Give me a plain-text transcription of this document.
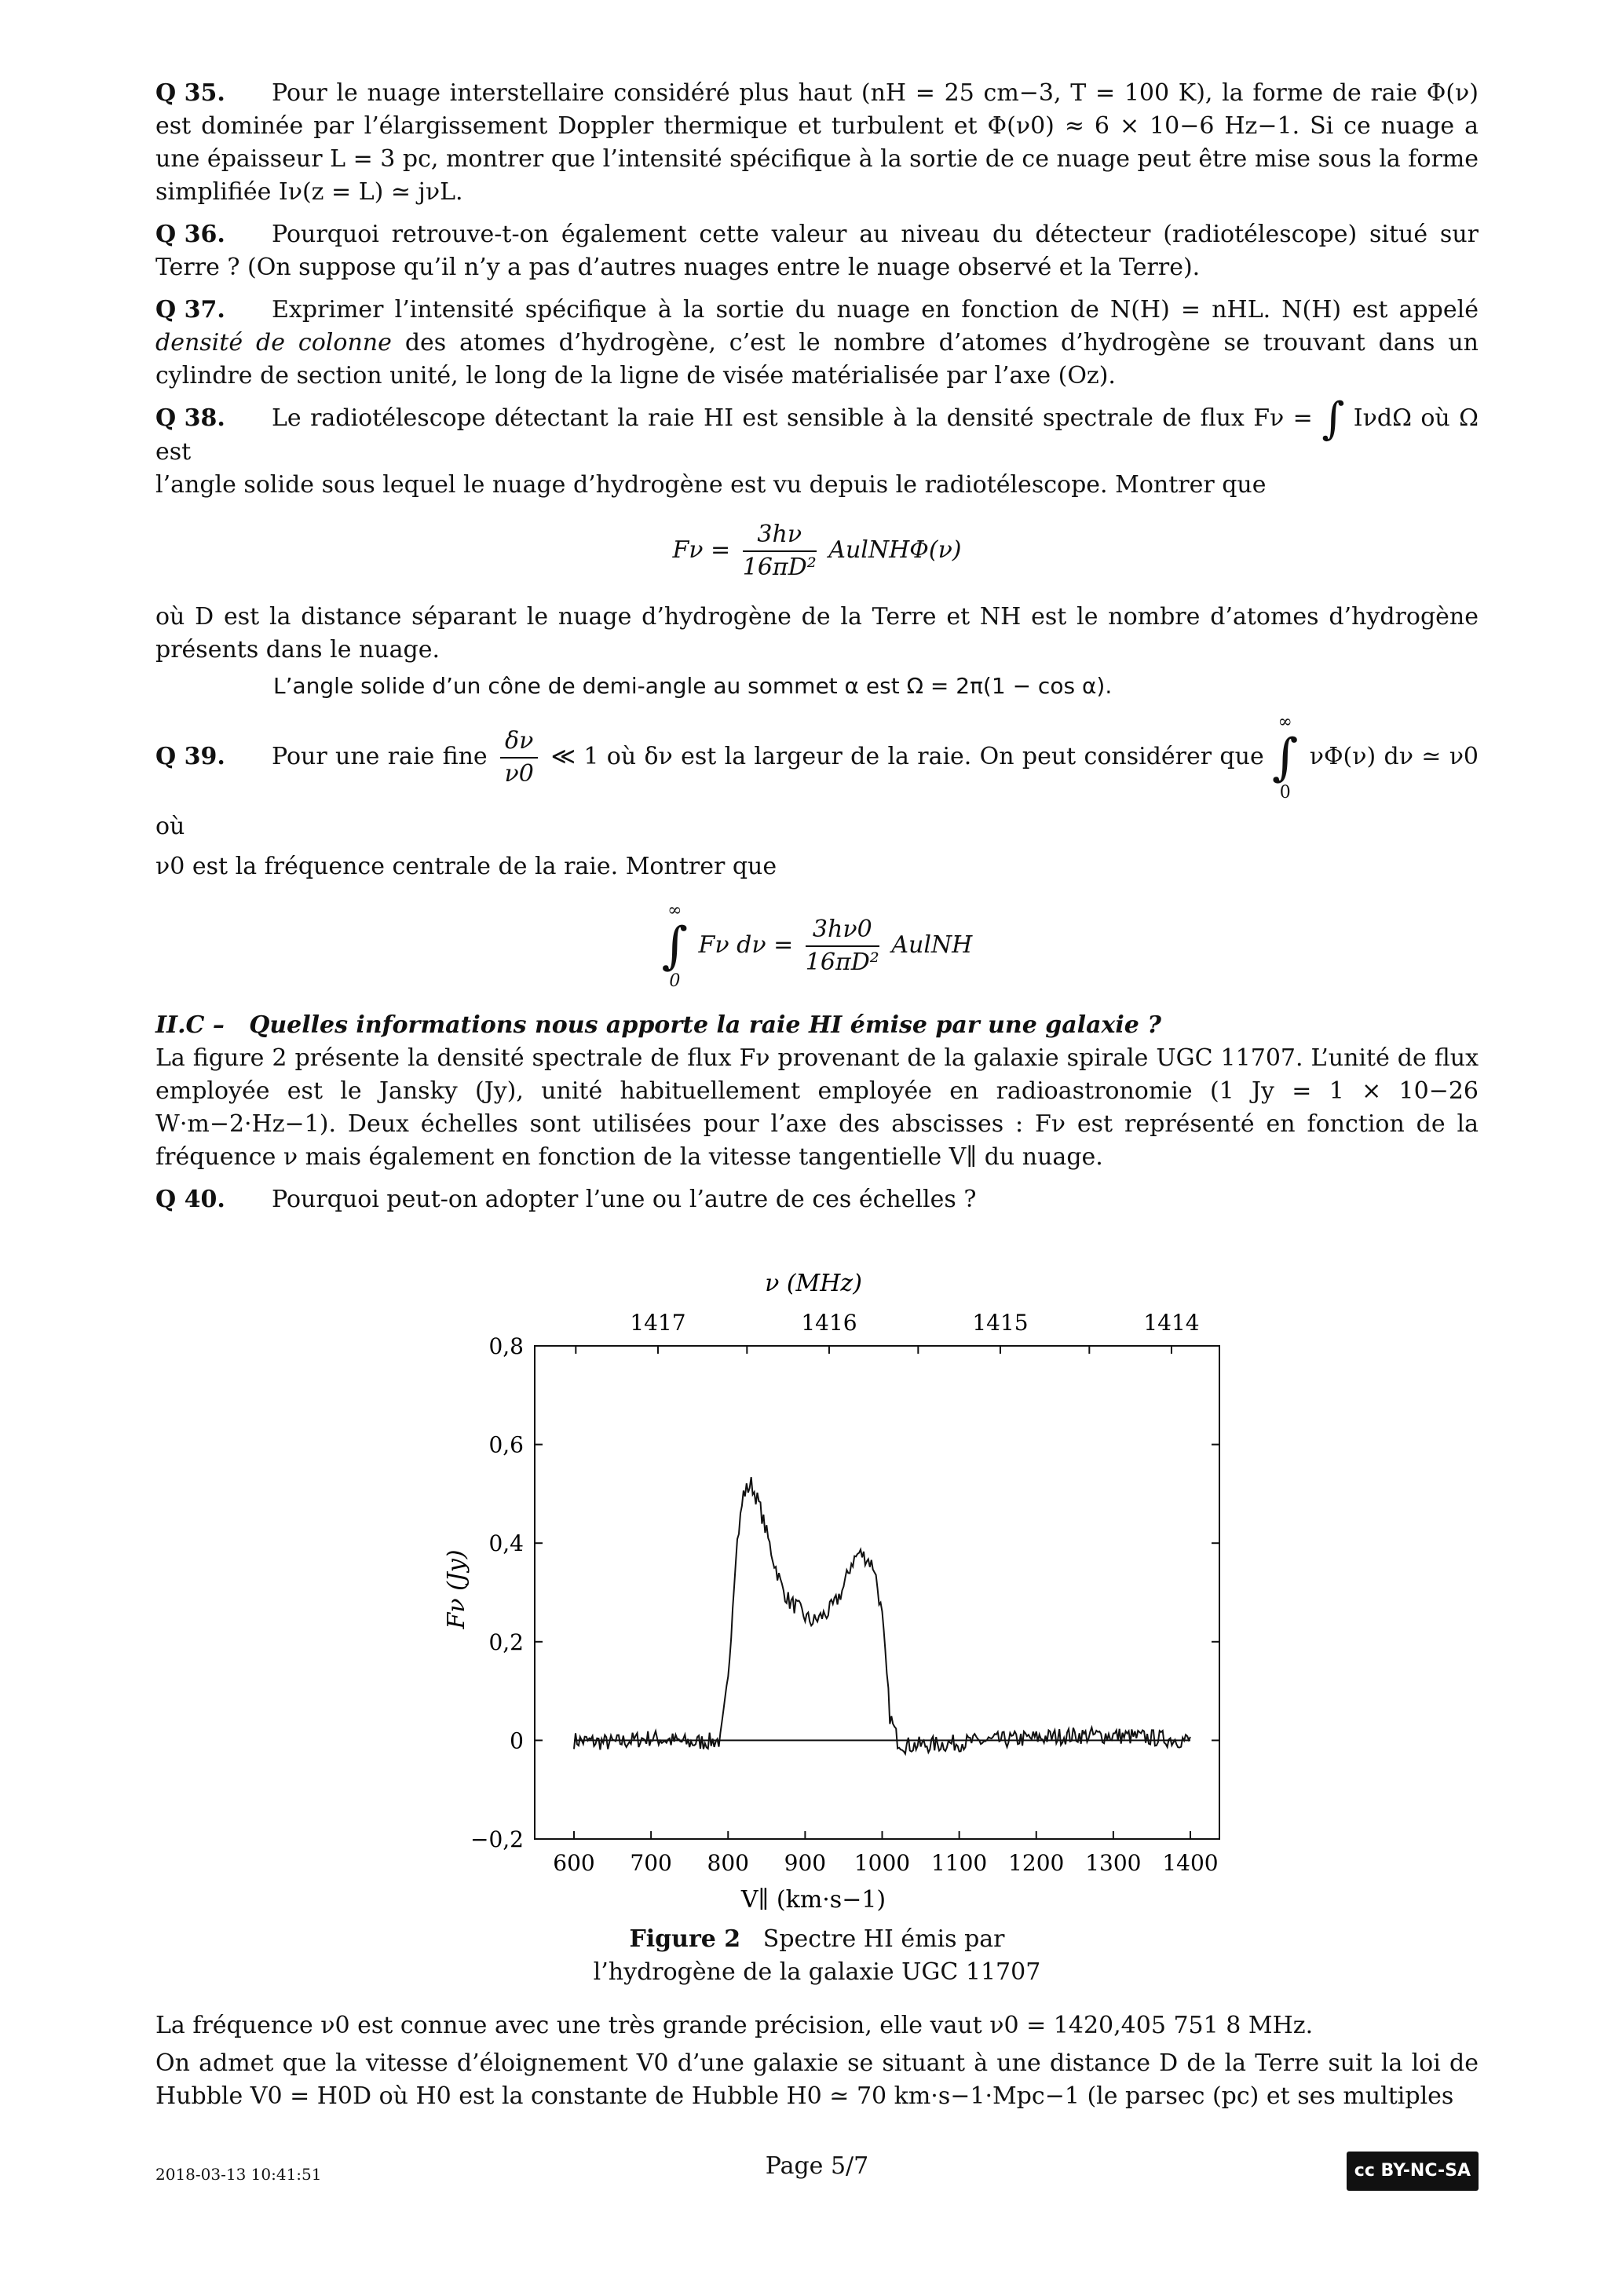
Q 35. Pour le nuage interstellaire considéré plus haut (nH = 25 cm−3, T = 100 K), la forme de raie Φ(ν) est dominée par l’élargissement Doppler thermique et turbulent et Φ(ν0) ≈ 6 × 10−6 Hz−1. Si ce nuage a une épaisseur L = 3 pc, montrer que l’intensité spécifique à la sortie de ce nuage peut être mise sous la forme simplifiée Iν(z = L) ≃ jνL.

Q 36. Pourquoi retrouve-t-on également cette valeur au niveau du détecteur (radiotélescope) situé sur Terre ? (On suppose qu’il n’y a pas d’autres nuages entre le nuage observé et la Terre).

Q 37. Exprimer l’intensité spécifique à la sortie du nuage en fonction de N(H) = nHL. N(H) est appelé densité de colonne des atomes d’hydrogène, c’est le nombre d’atomes d’hydrogène se trouvant dans un cylindre de section unité, le long de la ligne de visée matérialisée par l’axe (Oz).

Q 38. Le radiotélescope détectant la raie HI est sensible à la densité spectrale de flux Fν = ∫ IνdΩ où Ω est

l’angle solide sous lequel le nuage d’hydrogène est vu depuis le radiotélescope. Montrer que

$F\nu = \frac{3h\nu}{\text{16πD²}}$ AulNHΦ(ν)

où D est la distance séparant le nuage d’hydrogène de la Terre et NH est le nombre d’atomes d’hydrogène présents dans le nuage.

L’angle solide d’un cône de demi-angle au sommet α est Ω = 2π(1 − cos α).

Q 39. Pour une raie fine $\frac{\delta\nu}{\nu 0}$ ≪ 1 où δν est la largeur de la raie. On peut considérer que
∞
∫
0
νΦ(ν) dν ≃ ν0 où

ν0 est la fréquence centrale de la raie. Montrer que

∞
∫
0
Fν $d\nu = \frac{3h\nu 0}{\text{16πD²}}$ AulNH

II.C – Quelles informations nous apporte la raie HI émise par une galaxie ?

La figure 2 présente la densité spectrale de flux Fν provenant de la galaxie spirale UGC 11707. L’unité de flux employée est le Jansky (Jy), unité habituellement employée en radioastronomie (1 Jy = 1 × 10−26 W·m−2·Hz−1). Deux échelles sont utilisées pour l’axe des abscisses : Fν est représenté en fonction de la fréquence ν mais également en fonction de la vitesse tangentielle V∥ du nuage.

Q 40. Pourquoi peut-on adopter l’une ou l’autre de ces échelles ?

ν (MHz)
Fν (Jy)
V∥ (km·s−1)
600 700 800 900 1000 1100 1200 1300 1400
−0,2
0
0,2
0,4
0,6
0,8
1417	1416	1415	1414
Figure 2 Spectre HI émis par
l’hydrogène de la galaxie UGC 11707

La fréquence ν0 est connue avec une très grande précision, elle vaut ν0 = 1420,405 751 8 MHz.

On admet que la vitesse d’éloignement V0 d’une galaxie se situant à une distance D de la Terre suit la loi de Hubble V0 = H0D où H0 est la constante de Hubble H0 ≃ 70 km·s−1·Mpc−1 (le parsec (pc) et ses multiples

2018-03-13 10:41:51	Page 5/7	cc BY-NC-SA
